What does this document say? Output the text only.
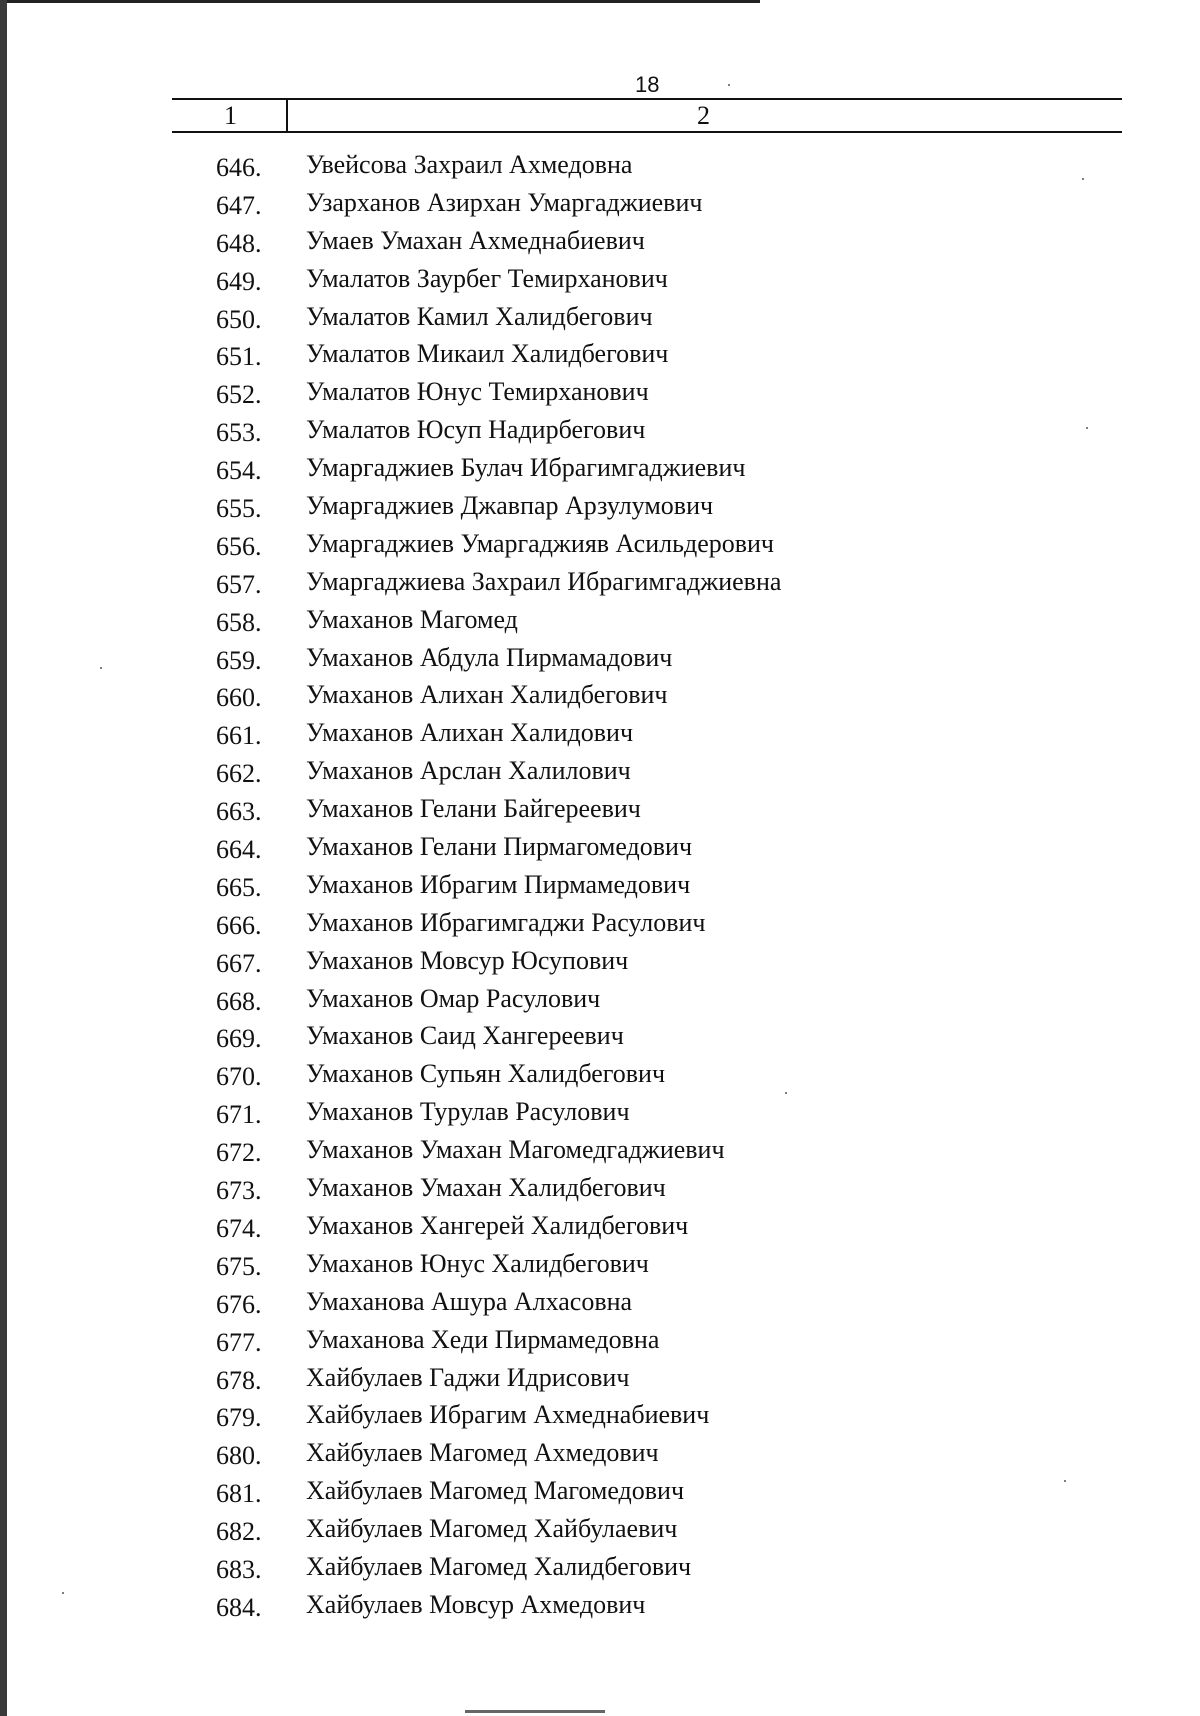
18
1	2
646. Увейсова Захраил Ахмедовна
647. Узарханов Азирхан Умаргаджиевич
648. Умаев Умахан Ахмеднабиевич
649. Умалатов Заурбег Темирханович
650. Умалатов Камил Халидбегович
651. Умалатов Микаил Халидбегович
652. Умалатов Юнус Темирханович
653. Умалатов Юсуп Надирбегович
654. Умаргаджиев Булач Ибрагимгаджиевич
655. Умаргаджиев Джавпар Арзулумович
656. Умаргаджиев Умаргаджияв Асильдерович
657. Умаргаджиева Захраил Ибрагимгаджиевна
658. Умаханов Магомед
659. Умаханов Абдула Пирмамадович
660. Умаханов Алихан Халидбегович
661. Умаханов Алихан Халидович
662. Умаханов Арслан Халилович
663. Умаханов Гелани Байгереевич
664. Умаханов Гелани Пирмагомедович
665. Умаханов Ибрагим Пирмамедович
666. Умаханов Ибрагимгаджи Расулович
667. Умаханов Мовсур Юсупович
668. Умаханов Омар Расулович
669. Умаханов Саид Хангереевич
670. Умаханов Супьян Халидбегович
671. Умаханов Турулав Расулович
672. Умаханов Умахан Магомедгаджиевич
673. Умаханов Умахан Халидбегович
674. Умаханов Хангерей Халидбегович
675. Умаханов Юнус Халидбегович
676. Умаханова Ашура Алхасовна
677. Умаханова Хеди Пирмамедовна
678. Хайбулаев Гаджи Идрисович
679. Хайбулаев Ибрагим Ахмеднабиевич
680. Хайбулаев Магомед Ахмедович
681. Хайбулаев Магомед Магомедович
682. Хайбулаев Магомед Хайбулаевич
683. Хайбулаев Магомед Халидбегович
684. Хайбулаев Мовсур Ахмедович
